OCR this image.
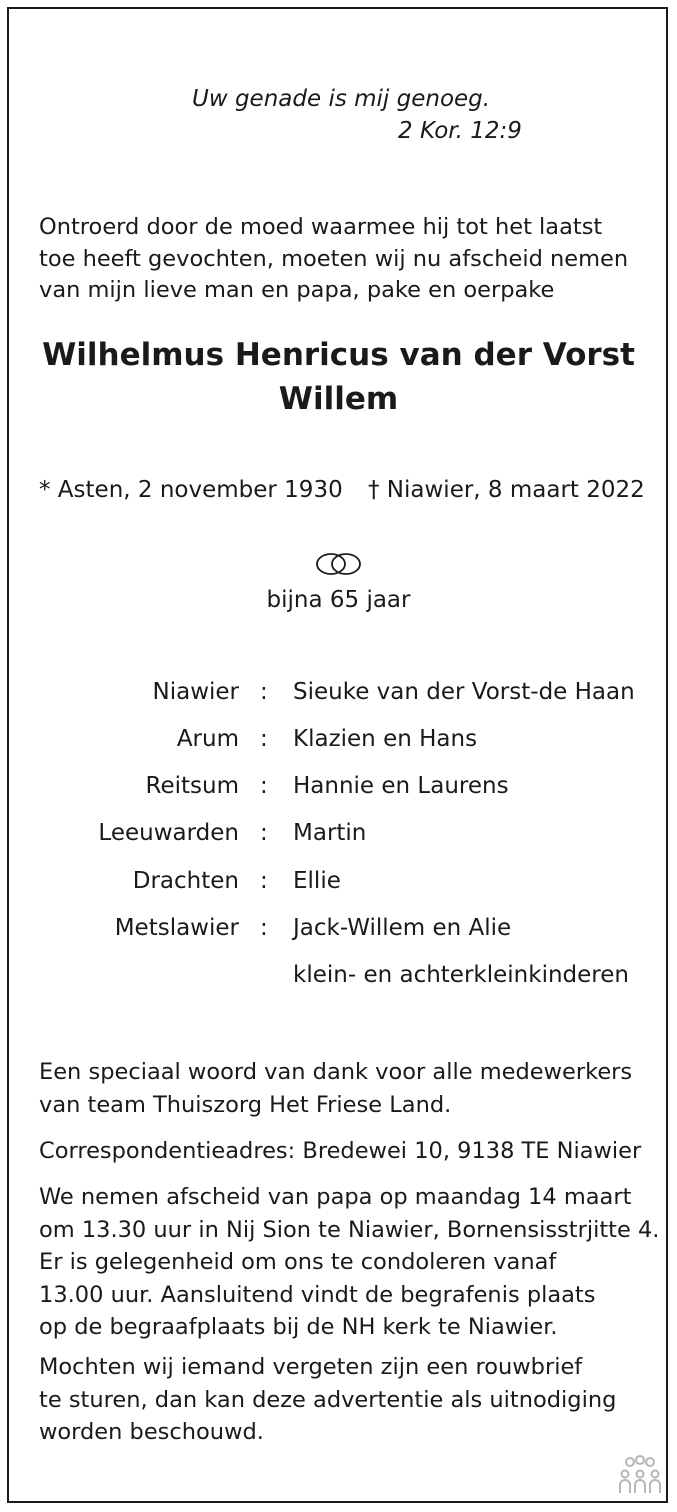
Uw genade is mij genoeg.
2 Kor. 12:9
Ontroerd door de moed waarmee hij tot het laatst
toe heeft gevochten, moeten wij nu afscheid nemen
van mijn lieve man en papa, pake en oerpake
Wilhelmus Henricus van der Vorst
Willem
* Asten, 2 november 1930 † Niawier, 8 maart 2022
bijna 65 jaar
Niawier : Sieuke van der Vorst-de Haan
Arum : Klazien en Hans
Reitsum : Hannie en Laurens
Leeuwarden : Martin
Drachten : Ellie
Metslawier : Jack-Willem en Alie
klein- en achterkleinkinderen
Een speciaal woord van dank voor alle medewerkers
van team Thuiszorg Het Friese Land.
Correspondentieadres: Bredewei 10, 9138 TE Niawier
We nemen afscheid van papa op maandag 14 maart
om 13.30 uur in Nij Sion te Niawier, Bornensisstrjitte 4.
Er is gelegenheid om ons te condoleren vanaf
13.00 uur. Aansluitend vindt de begrafenis plaats
op de begraafplaats bij de NH kerk te Niawier.
Mochten wij iemand vergeten zijn een rouwbrief
te sturen, dan kan deze advertentie als uitnodiging
worden beschouwd.
